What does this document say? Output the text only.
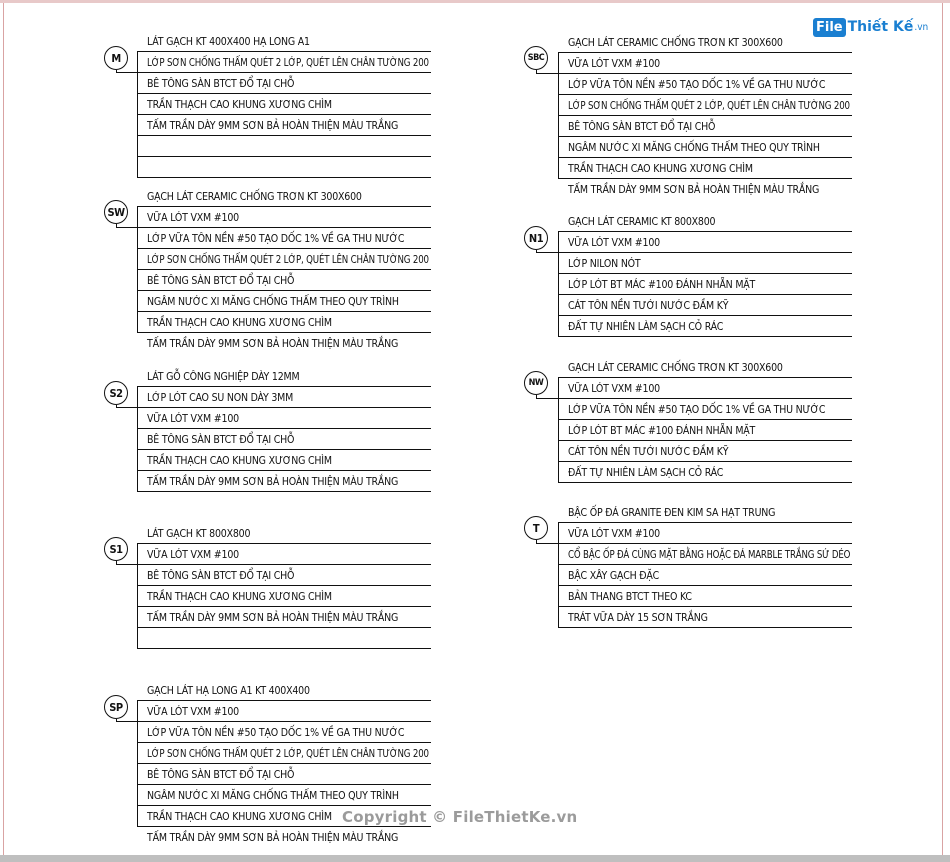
File Thiết Kế .vn
M
LÁT GẠCH KT 400X400 HẠ LONG A1
LỚP SƠN CHỐNG THẤM QUÉT 2 LỚP, QUÉT LÊN CHÂN TƯỜNG 200
BÊ TÔNG SÀN BTCT ĐỔ TẠI CHỖ
TRẦN THẠCH CAO KHUNG XƯƠNG CHÌM
TẤM TRẦN DÀY 9MM SƠN BẢ HOÀN THIỆN MÀU TRẮNG
SW
GẠCH LÁT CERAMIC CHỐNG TRƠN KT 300X600
VỮA LÓT VXM #100
LỚP VỮA TÔN NỀN #50 TẠO DỐC 1% VỀ GA THU NƯỚC
LỚP SƠN CHỐNG THẤM QUÉT 2 LỚP, QUÉT LÊN CHÂN TƯỜNG 200
BÊ TÔNG SÀN BTCT ĐỔ TẠI CHỖ
NGÂM NƯỚC XI MĂNG CHỐNG THẤM THEO QUY TRÌNH
TRẦN THẠCH CAO KHUNG XƯƠNG CHÌM
TẤM TRẦN DÀY 9MM SƠN BẢ HOÀN THIỆN MÀU TRẮNG
S2
LÁT GỖ CÔNG NGHIỆP DÀY 12MM
LỚP LÓT CAO SU NON DÀY 3MM
VỮA LÓT VXM #100
BÊ TÔNG SÀN BTCT ĐỔ TẠI CHỖ
TRẦN THẠCH CAO KHUNG XƯƠNG CHÌM
TẤM TRẦN DÀY 9MM SƠN BẢ HOÀN THIỆN MÀU TRẮNG
S1
LÁT GẠCH KT 800X800
VỮA LÓT VXM #100
BÊ TÔNG SÀN BTCT ĐỔ TẠI CHỖ
TRẦN THẠCH CAO KHUNG XƯƠNG CHÌM
TẤM TRẦN DÀY 9MM SƠN BẢ HOÀN THIỆN MÀU TRẮNG
SP
GẠCH LÁT HẠ LONG A1 KT 400X400
VỮA LÓT VXM #100
LỚP VỮA TÔN NỀN #50 TẠO DỐC 1% VỀ GA THU NƯỚC
LỚP SƠN CHỐNG THẤM QUÉT 2 LỚP, QUÉT LÊN CHÂN TƯỜNG 200
BÊ TÔNG SÀN BTCT ĐỔ TẠI CHỖ
NGÂM NƯỚC XI MĂNG CHỐNG THẤM THEO QUY TRÌNH
TRẦN THẠCH CAO KHUNG XƯƠNG CHÌM
TẤM TRẦN DÀY 9MM SƠN BẢ HOÀN THIỆN MÀU TRẮNG
SBC
GẠCH LÁT CERAMIC CHỐNG TRƠN KT 300X600
VỮA LÓT VXM #100
LỚP VỮA TÔN NỀN #50 TẠO DỐC 1% VỀ GA THU NƯỚC
LỚP SƠN CHỐNG THẤM QUÉT 2 LỚP, QUÉT LÊN CHÂN TƯỜNG 200
BÊ TÔNG SÀN BTCT ĐỔ TẠI CHỖ
NGÂM NƯỚC XI MĂNG CHỐNG THẤM THEO QUY TRÌNH
TRẦN THẠCH CAO KHUNG XƯƠNG CHÌM
TẤM TRẦN DÀY 9MM SƠN BẢ HOÀN THIỆN MÀU TRẮNG
N1
GẠCH LÁT CERAMIC KT 800X800
VỮA LÓT VXM #100
LỚP NILON NÓT
LỚP LÓT BT MÁC #100 ĐÁNH NHẴN MẶT
CÁT TÔN NỀN TƯỚI NƯỚC ĐẦM KỸ
ĐẤT TỰ NHIÊN LÀM SẠCH CỎ RÁC
NW
GẠCH LÁT CERAMIC CHỐNG TRƠN KT 300X600
VỮA LÓT VXM #100
LỚP VỮA TÔN NỀN #50 TẠO DỐC 1% VỀ GA THU NƯỚC
LỚP LÓT BT MÁC #100 ĐÁNH NHẴN MẶT
CÁT TÔN NỀN TƯỚI NƯỚC ĐẦM KỸ
ĐẤT TỰ NHIÊN LÀM SẠCH CỎ RÁC
T
BẬC ỐP ĐÁ GRANITE ĐEN KIM SA HẠT TRUNG
VỮA LÓT VXM #100
CỔ BẬC ỐP ĐÁ CÙNG MẶT BẰNG HOẶC ĐÁ MARBLE TRẮNG SỨ DÉO
BẬC XÂY GẠCH ĐẶC
BẢN THANG BTCT THEO KC
TRÁT VỮA DÀY 15 SƠN TRẮNG
Copyright © FileThietKe.vn
